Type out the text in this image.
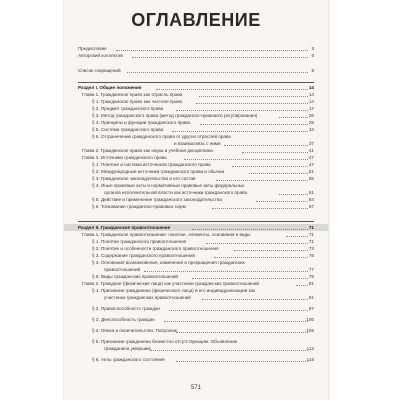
ОГЛАВЛЕНИЕ
Предисловие	3
Авторский коллектив	6
Список сокращений	8
Раздел I. Общие положения	14
Глава 1. Гражданское право как отрасль права	14
§ 1. Гражданское право как частное право	14
§ 2. Предмет гражданского права	17
§ 3. Метод гражданского права (метод гражданско-правового регулирования)	26
§ 4. Принципы и функции гражданского права	29
§ 5. Система гражданского права	34
§ 6. Отграничение гражданского права от других отраслей права
и взаимосвязь с ними	37
Глава 2. Гражданское право как наука и учебная дисциплина	41
Глава 3. Источники гражданского права	47
§ 1. Понятие и система источников гражданского права	47
§ 2. Международные источники гражданского права и обычаи	51
§ 3. Гражданское законодательство и его состав	55
§ 4. Иные правовые акты и нормативные правовые акты федеральных
органов исполнительной власти как источники гражданского права	61
§ 5. Действие и применение гражданского законодательства	64
§ 6. Толкование гражданско-правовых норм	67
Раздел II. Гражданское правоотношение	71
Глава 1. Гражданское правоотношение: понятие, элементы, основания и виды	71
§ 1. Понятие гражданского правоотношения	71
§ 2. Понятие и особенности гражданского правоотношения	73
§ 3. Содержание гражданского правоотношения	75
§ 4. Основания возникновения, изменения и прекращения гражданских
правоотношений	77
§ 5. Виды гражданских правоотношений	79
Глава 2. Граждане (физические лица) как участники гражданских правоотношений	81
§ 1. Признание гражданина (физического лица) в его индивидуализации как
участника гражданских правоотношений	81
§ 2. Правоспособность граждан	87
§ 3. Дееспособность граждан	100
§ 4. Опека и попечительство. Патронаж	106
§ 5. Признание гражданина безвестно отсутствующим. Объявление
гражданина умершим	112
§ 6. Акты гражданского состояния	116
571
